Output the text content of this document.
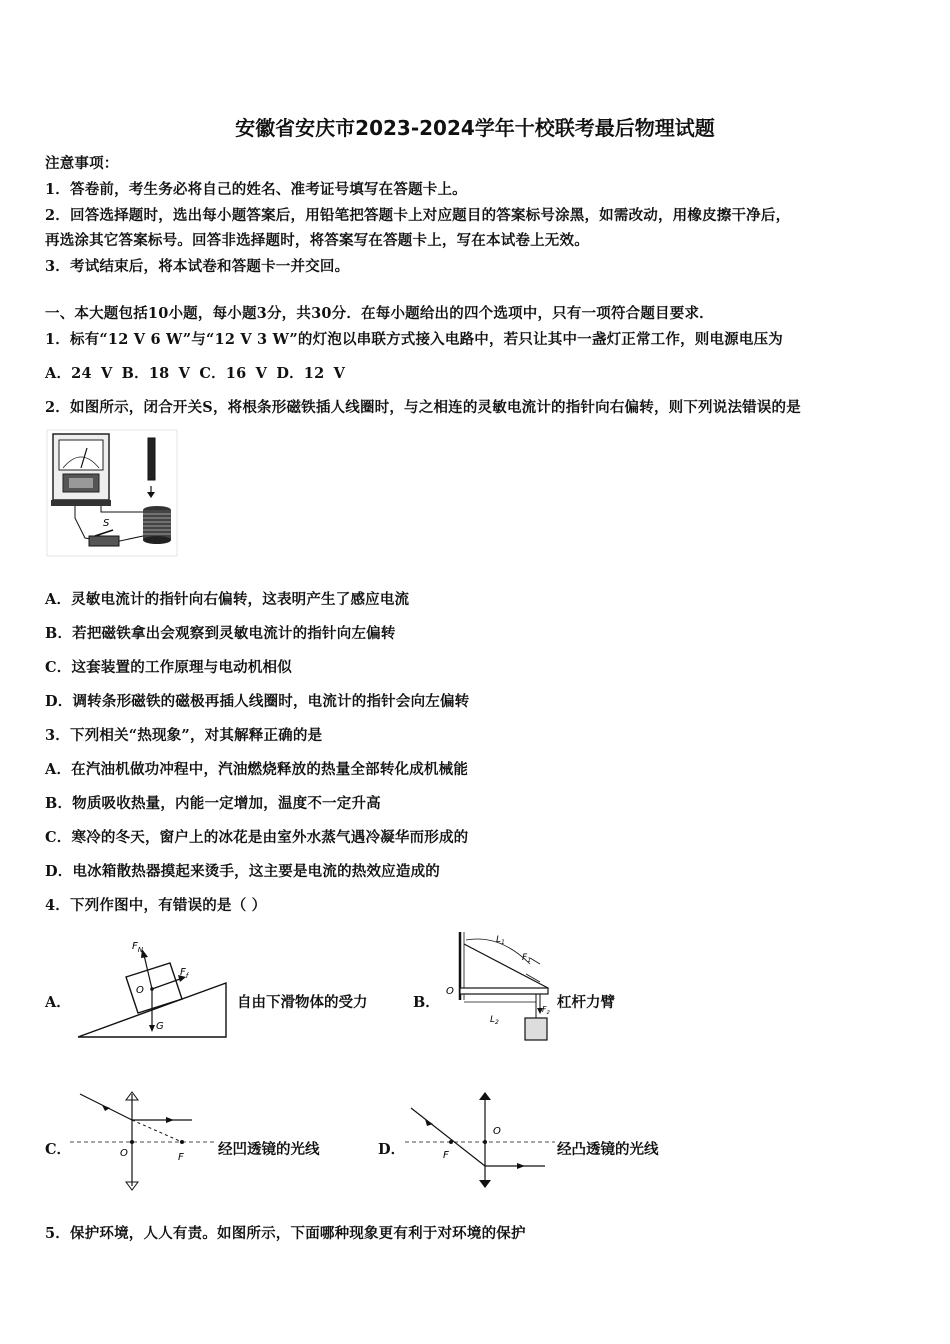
安徽省安庆市2023-2024学年十校联考最后物理试题
注意事项：
1．答卷前，考生务必将自己的姓名、准考证号填写在答题卡上。
2．回答选择题时，选出每小题答案后，用铅笔把答题卡上对应题目的答案标号涂黑，如需改动，用橡皮擦干净后，
再选涂其它答案标号。回答非选择题时，将答案写在答题卡上，写在本试卷上无效。
3．考试结束后，将本试卷和答题卡一并交回。
一、本大题包括10小题，每小题3分，共30分．在每小题给出的四个选项中，只有一项符合题目要求．
1．标有“12 V 6 W”与“12 V 3 W”的灯泡以串联方式接入电路中，若只让其中一盏灯正常工作，则电源电压为
A．24 V B．18 V C．16 V D．12 V
2．如图所示，闭合开关S，将根条形磁铁插人线圈时，与之相连的灵敏电流计的指针向右偏转，则下列说法错误的是
S
A．灵敏电流计的指针向右偏转，这表明产生了感应电流
B．若把磁铁拿出会观察到灵敏电流计的指针向左偏转
C．这套装置的工作原理与电动机相似
D．调转条形磁铁的磁极再插人线圈时，电流计的指针会向左偏转
3．下列相关“热现象”，对其解释正确的是
A．在汽油机做功冲程中，汽油燃烧释放的热量全部转化成机械能
B．物质吸收热量，内能一定增加，温度不一定升高
C．寒冷的冬天，窗户上的冰花是由室外水蒸气遇冷凝华而形成的
D．电冰箱散热器摸起来烫手，这主要是电流的热效应造成的
4．下列作图中，有错误的是（ ）
A．
$F_N$
$F_f$
O
G
自由下滑物体的受力	B．
O
$L_1$
$F_1$
$L_2$
$F_2$
杠杆力臂
C．	O	F 经凹透镜的光线	D．	F
O
经凸透镜的光线
5．保护环境，人人有责。如图所示，下面哪种现象更有利于对环境的保护
